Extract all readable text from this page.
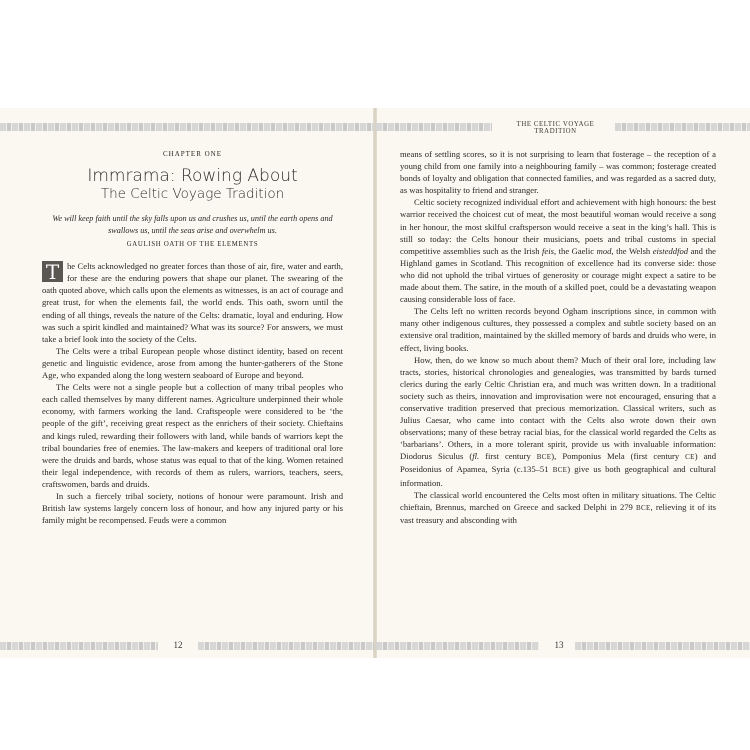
THE CELTIC VOYAGE TRADITION
12	13
CHAPTER ONE
Immrama: Rowing About
The Celtic Voyage Tradition
We will keep faith until the sky falls upon us and crushes us, until the earth opens and swallows us, until the seas arise and overwhelm us.
GAULISH OATH OF THE ELEMENTS

T he Celts acknowledged no greater forces than those of air, fire, water and earth, for these are the enduring powers that shape our planet. The swearing of the oath quoted above, which calls upon the elements as witnesses, is an act of courage and great trust, for when the elements fail, the world ends. This oath, sworn until the ending of all things, reveals the nature of the Celts: dramatic, loyal and enduring. How was such a spirit kindled and maintained? What was its source? For answers, we must take a brief look into the society of the Celts.

The Celts were a tribal European people whose distinct identity, based on recent genetic and linguistic evidence, arose from among the hunter-gatherers of the Stone Age, who expanded along the long western seaboard of Europe and beyond.

The Celts were not a single people but a collection of many tribal peoples who each called themselves by many different names. Agriculture underpinned their whole economy, with farmers working the land. Craftspeople were considered to be ‘the people of the gift’, receiving great respect as the enrichers of their society. Chieftains and kings ruled, rewarding their followers with land, while bands of warriors kept the tribal boundaries free of enemies. The law-makers and keepers of traditional oral lore were the druids and bards, whose status was equal to that of the king. Women retained their legal independence, with records of them as rulers, warriors, teachers, seers, craftswomen, bards and druids.

In such a fiercely tribal society, notions of honour were paramount. Irish and British law systems largely concern loss of honour, and how any injured party or his family might be recompensed. Feuds were a common

means of settling scores, so it is not surprising to learn that fosterage – the reception of a young child from one family into a neighbouring family – was common; fosterage created bonds of loyalty and obligation that connected families, and was regarded as a sacred duty, as was hospitality to friend and stranger.

Celtic society recognized individual effort and achievement with high honours: the best warrior received the choicest cut of meat, the most beautiful woman would receive a song in her honour, the most skilful craftsperson would receive a seat in the king’s hall. This is still so today: the Celts honour their musicians, poets and tribal customs in special competitive assemblies such as the Irish feis, the Gaelic mod, the Welsh eisteddfod and the Highland games in Scotland. This recognition of excellence had its converse side: those who did not uphold the tribal virtues of generosity or courage might expect a satire to be made about them. The satire, in the mouth of a skilled poet, could be a devastating weapon causing considerable loss of face.

The Celts left no written records beyond Ogham inscriptions since, in common with many other indigenous cultures, they possessed a complex and subtle society based on an extensive oral tradition, maintained by the skilled memory of bards and druids who were, in effect, living books.

How, then, do we know so much about them? Much of their oral lore, including law tracts, stories, historical chronologies and genealogies, was transmitted by bards turned clerics during the early Celtic Christian era, and much was written down. In a traditional society such as theirs, innovation and improvisation were not encouraged, ensuring that a conservative tradition preserved that precious memorization. Classical writers, such as Julius Caesar, who came into contact with the Celts also wrote down their own observations; many of these betray racial bias, for the classical world regarded the Celts as ‘barbarians’. Others, in a more tolerant spirit, provide us with invaluable information: Diodorus Siculus (fl. first century BCE), Pomponius Mela (first century CE) and Poseidonius of Apamea, Syria (c.135–51 BCE) give us both geographical and cultural information.

The classical world encountered the Celts most often in military situations. The Celtic chieftain, Brennus, marched on Greece and sacked Delphi in 279 BCE, relieving it of its vast treasury and absconding with
